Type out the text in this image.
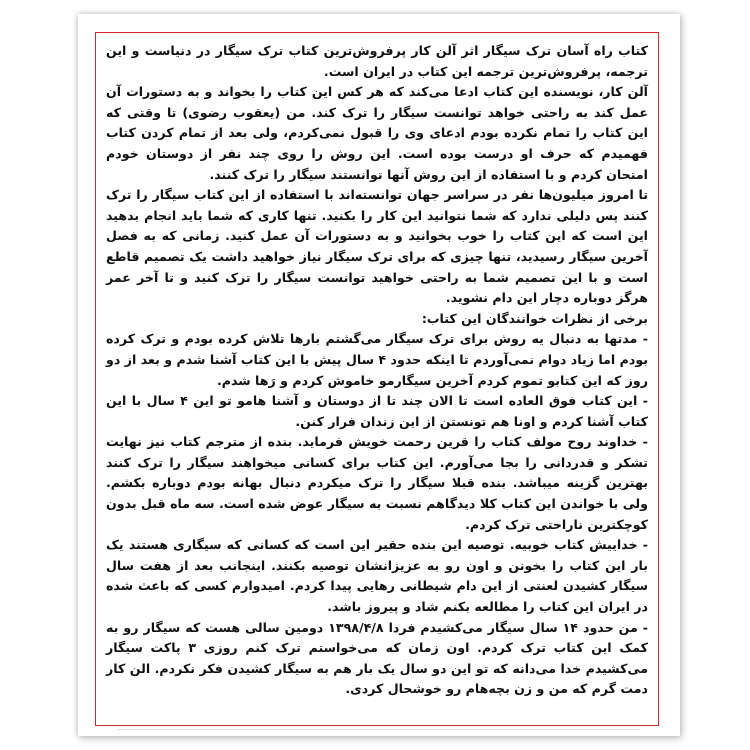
کتاب راه آسان ترک سیگار اثر آلن کار پرفروش‌ترین کتاب ترک سیگار در دنیاست و این ترجمه، پرفروش‌ترین ترجمه این کتاب در ایران است.

آلن کار، نویسنده این کتاب ادعا می‌کند که هر کس این کتاب را بخواند و به دستورات آن عمل کند به راحتی خواهد توانست سیگار را ترک کند. من (یعقوب رضوی) تا وقتی که این کتاب را تمام نکرده بودم ادعای وی را قبول نمی‌کردم، ولی بعد از تمام کردن کتاب فهمیدم که حرف او درست بوده است. این روش را روی چند نفر از دوستان خودم امتحان کردم و با استفاده از این روش آنها توانستند سیگار را ترک کنند.

تا امروز میلیون‌ها نفر در سراسر جهان توانسته‌اند با استفاده از این کتاب سیگار را ترک کنند پس دلیلی ندارد که شما نتوانید این کار را بکنید. تنها کاری که شما باید انجام بدهید این است که این کتاب را خوب بخوانید و به دستورات آن عمل کنید. زمانی که به فصل آخرین سیگار رسیدید، تنها چیزی که برای ترک سیگار نیاز خواهید داشت یک تصمیم قاطع است و با این تصمیم شما به راحتی خواهید توانست سیگار را ترک کنید و تا آخر عمر هرگز دوباره دچار این دام نشوید.

برخی از نظرات خوانندگان این کتاب:

- مدتها به دنبال یه روش برای ترک سیگار می‌گشتم بارها تلاش کرده بودم و ترک کرده بودم اما زیاد دوام نمی‌آوردم تا اینکه حدود ۴ سال پیش با این کتاب آشنا شدم و بعد از دو روز که این کتابو تموم کردم آخرین سیگارمو خاموش کردم و رَها شدم.

- این کتاب فوق العاده است تا الان چند تا از دوستان و آشنا هامو تو این ۴ سال با این کتاب آشنا کردم و اونا هم تونستن از این زندان فرار کنن.

- خداوند روح مولف کتاب را قرین رحمت خویش فرماید. بنده از مترجم کتاب نیز نهایت تشکر و قدردانی را بجا می‌آورم. این کتاب برای کسانی میخواهند سیگار را ترک کنند بهترین گزینه میباشد. بنده قبلا سیگار را ترک میکردم دنبال بهانه بودم دوباره بکشم. ولی با خواندن این کتاب کلا دیدگاهم نسبت به سیگار عوض شده است. سه ماه قبل بدون کوچکترین ناراحتی ترک کردم.

- خداییش کتاب خوبیه. توصیه این بنده حقیر این است که کسانی که سیگاری هستند یک بار این کتاب را بخونن و اون رو به عزیزانشان توصیه بکنند. اینجانب بعد از هفت سال سیگار کشیدن لعنتی از این دام شیطانی رهایی پیدا کردم. امیدوارم کسی که باعث شده در ایران این کتاب را مطالعه بکنم شاد و پیروز باشد.

- من حدود ۱۴ سال سیگار می‌کشیدم فردا ۱۳۹۸/۴/۸ دومین سالی هست که سیگار رو به کمک این کتاب ترک کردم. اون زمان که می‌خواستم ترک کنم روزی ۳ پاکت سیگار می‌کشیدم خدا می‌دانه که تو این دو سال یک بار هم به سیگار کشیدن فکر نکردم. الن کار دمت گرم که من و زن بچه‌هام رو خوشحال کردی.
